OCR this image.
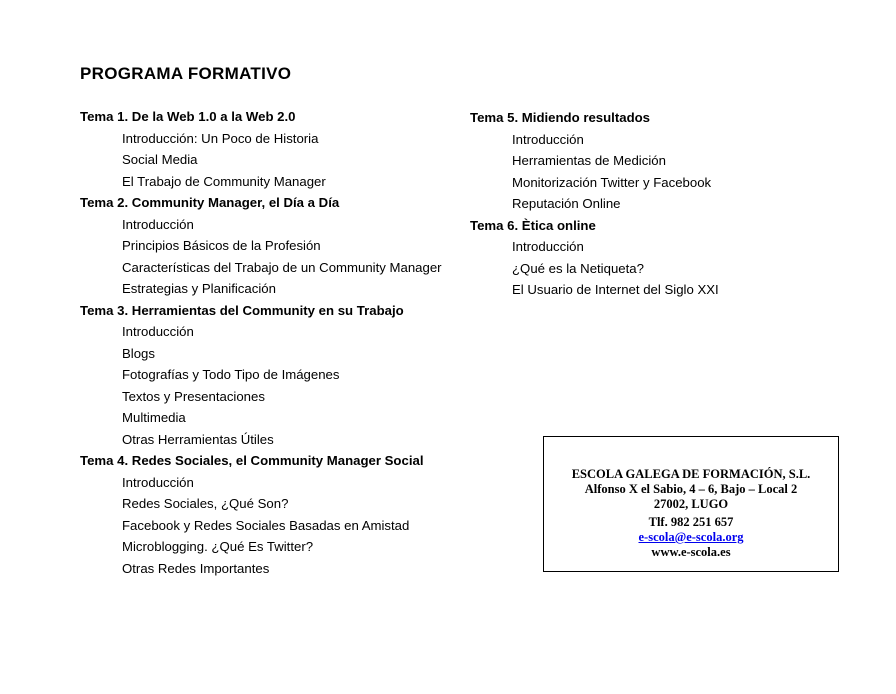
PROGRAMA FORMATIVO
Tema 1. De la Web 1.0 a la Web 2.0
Introducción: Un Poco de Historia
Social Media
El Trabajo de Community Manager
Tema 2. Community Manager, el Día a Día
Introducción
Principios Básicos de la Profesión
Características del Trabajo de un Community Manager
Estrategias y Planificación
Tema 3. Herramientas del Community en su Trabajo
Introducción
Blogs
Fotografías y Todo Tipo de Imágenes
Textos y Presentaciones
Multimedia
Otras Herramientas Útiles
Tema 4. Redes Sociales, el Community Manager Social
Introducción
Redes Sociales, ¿Qué Son?
Facebook y Redes Sociales Basadas en Amistad
Microblogging. ¿Qué Es Twitter?
Otras Redes Importantes
Tema 5. Midiendo resultados
Introducción
Herramientas de Medición
Monitorización Twitter y Facebook
Reputación Online
Tema 6. Ètica online
Introducción
¿Qué es la Netiqueta?
El Usuario de Internet del Siglo XXI
ESCOLA GALEGA DE FORMACIÓN, S.L.
Alfonso X el Sabio, 4 – 6, Bajo – Local 2
27002, LUGO
Tlf. 982 251 657
e-scola@e-scola.org
www.e-scola.es
